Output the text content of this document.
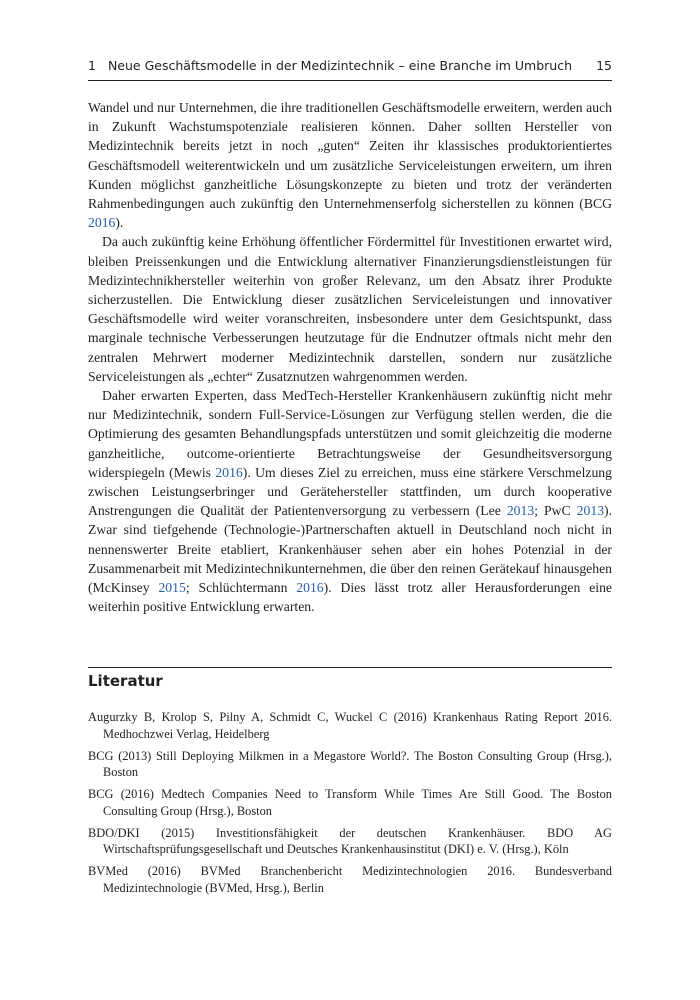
1 Neue Geschäftsmodelle in der Medizintechnik – eine Branche im Umbruch 15

Wandel und nur Unternehmen, die ihre traditionellen Geschäftsmodelle erweitern, werden auch in Zukunft Wachstumspotenziale realisieren können. Daher sollten Hersteller von Medizintechnik bereits jetzt in noch „guten“ Zeiten ihr klassisches produktorientiertes Geschäftsmodell weiterentwickeln und um zusätzliche Serviceleistungen erweitern, um ihren Kunden möglichst ganzheitliche Lösungskonzepte zu bieten und trotz der veränderten Rahmenbedingungen auch zukünftig den Unternehmenserfolg sicherstellen zu können (BCG 2016).

Da auch zukünftig keine Erhöhung öffentlicher Fördermittel für Investitionen erwartet wird, bleiben Preissenkungen und die Entwicklung alternativer Finanzierungsdienstleistungen für Medizintechnikhersteller weiterhin von großer Relevanz, um den Absatz ihrer Produkte sicherzustellen. Die Entwicklung dieser zusätzlichen Serviceleistungen und innovativer Geschäftsmodelle wird weiter voranschreiten, insbesondere unter dem Gesichtspunkt, dass marginale technische Verbesserungen heutzutage für die Endnutzer oftmals nicht mehr den zentralen Mehrwert moderner Medizintechnik darstellen, sondern nur zusätzliche Serviceleistungen als „echter“ Zusatznutzen wahrgenommen werden.

Daher erwarten Experten, dass MedTech-Hersteller Krankenhäusern zukünftig nicht mehr nur Medizintechnik, sondern Full-Service-Lösungen zur Verfügung stellen werden, die die Optimierung des gesamten Behandlungspfads unterstützen und somit gleichzeitig die moderne ganzheitliche, outcome-orientierte Betrachtungsweise der Gesundheitsversorgung widerspiegeln (Mewis 2016). Um dieses Ziel zu erreichen, muss eine stärkere Verschmelzung zwischen Leistungserbringer und Gerätehersteller stattfinden, um durch kooperative Anstrengungen die Qualität der Patientenversorgung zu verbessern (Lee 2013; PwC 2013). Zwar sind tiefgehende (Technologie-)Partnerschaften aktuell in Deutschland noch nicht in nennenswerter Breite etabliert, Krankenhäuser sehen aber ein hohes Potenzial in der Zusammenarbeit mit Medizintechnikunternehmen, die über den reinen Gerätekauf hinausgehen (McKinsey 2015; Schlüchtermann 2016). Dies lässt trotz aller Herausforderungen eine weiterhin positive Entwicklung erwarten.

Literatur
Augurzky B, Krolop S, Pilny A, Schmidt C, Wuckel C (2016) Krankenhaus Rating Report 2016. Medhochzwei Verlag, Heidelberg
BCG (2013) Still Deploying Milkmen in a Megastore World?. The Boston Consulting Group (Hrsg.), Boston
BCG (2016) Medtech Companies Need to Transform While Times Are Still Good. The Boston Consulting Group (Hrsg.), Boston
BDO/DKI (2015) Investitionsfähigkeit der deutschen Krankenhäuser. BDO AG Wirtschaftsprüfungsgesellschaft und Deutsches Krankenhausinstitut (DKI) e. V. (Hrsg.), Köln
BVMed (2016) BVMed Branchenbericht Medizintechnologien 2016. Bundesverband Medizintechnologie (BVMed, Hrsg.), Berlin
